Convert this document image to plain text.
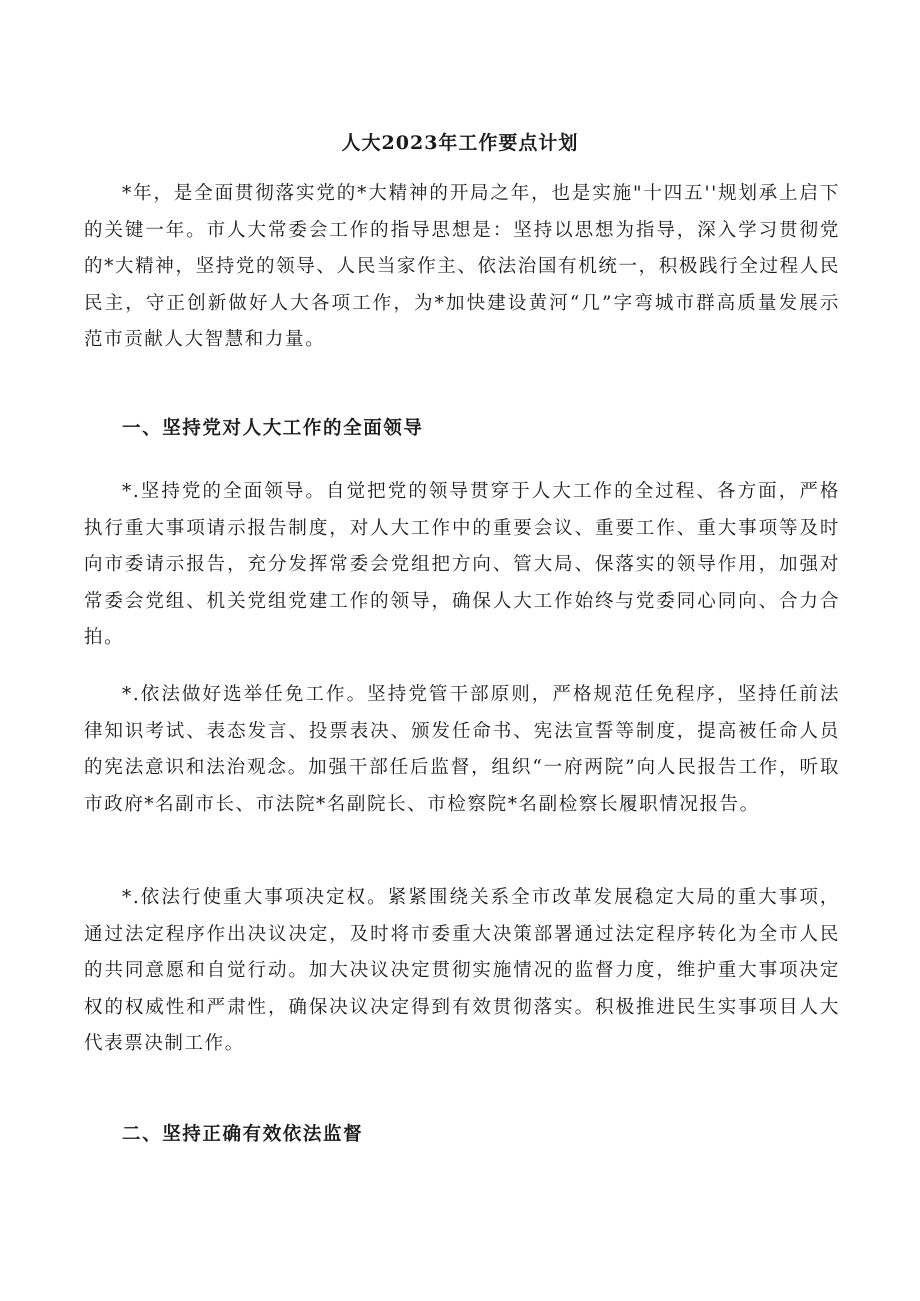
人大2023年工作要点计划

*年，是全面贯彻落实党的*大精神的开局之年，也是实施"十四五''规划承上启下的关键一年。市人大常委会工作的指导思想是：坚持以思想为指导，深入学习贯彻党的*大精神，坚持党的领导、人民当家作主、依法治国有机统一，积极践行全过程人民民主，守正创新做好人大各项工作，为*加快建设黄河“几”字弯城市群高质量发展示范市贡献人大智慧和力量。

一、坚持党对人大工作的全面领导

*.坚持党的全面领导。自觉把党的领导贯穿于人大工作的全过程、各方面，严格执行重大事项请示报告制度，对人大工作中的重要会议、重要工作、重大事项等及时向市委请示报告，充分发挥常委会党组把方向、管大局、保落实的领导作用，加强对常委会党组、机关党组党建工作的领导，确保人大工作始终与党委同心同向、合力合拍。

*.依法做好选举任免工作。坚持党管干部原则，严格规范任免程序，坚持任前法律知识考试、表态发言、投票表决、颁发任命书、宪法宣誓等制度，提高被任命人员的宪法意识和法治观念。加强干部任后监督，组织“一府两院”向人民报告工作，听取市政府*名副市长、市法院*名副院长、市检察院*名副检察长履职情况报告。

*.依法行使重大事项决定权。紧紧围绕关系全市改革发展稳定大局的重大事项，通过法定程序作出决议决定，及时将市委重大决策部署通过法定程序转化为全市人民的共同意愿和自觉行动。加大决议决定贯彻实施情况的监督力度，维护重大事项决定权的权威性和严肃性，确保决议决定得到有效贯彻落实。积极推进民生实事项目人大代表票决制工作。

二、坚持正确有效依法监督
